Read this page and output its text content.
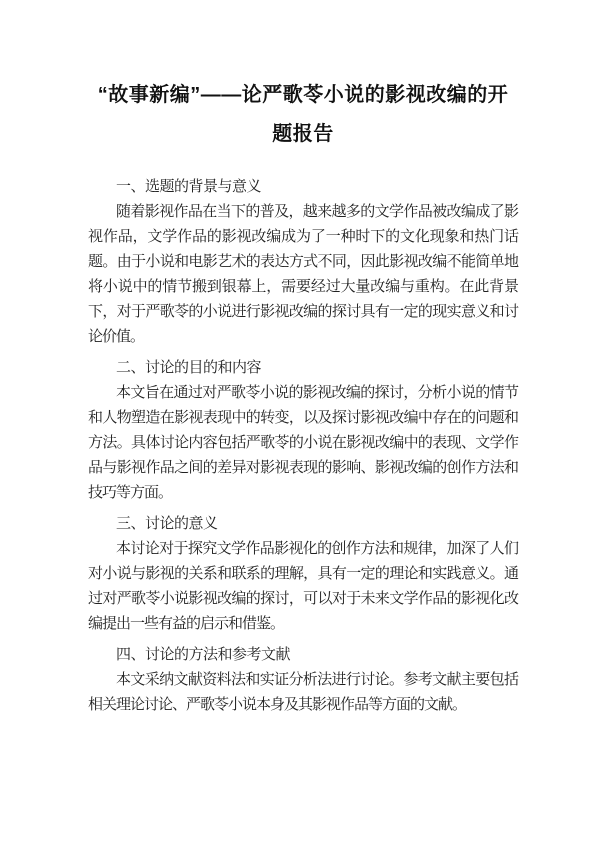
“故事新编”——论严歌苓小说的影视改编的开题报告
一、选题的背景与意义

随着影视作品在当下的普及，越来越多的文学作品被改编成了影视作品，文学作品的影视改编成为了一种时下的文化现象和热门话题。由于小说和电影艺术的表达方式不同，因此影视改编不能简单地将小说中的情节搬到银幕上，需要经过大量改编与重构。在此背景下，对于严歌苓的小说进行影视改编的探讨具有一定的现实意义和讨论价值。

二、讨论的目的和内容

本文旨在通过对严歌苓小说的影视改编的探讨，分析小说的情节和人物塑造在影视表现中的转变，以及探讨影视改编中存在的问题和方法。具体讨论内容包括严歌苓的小说在影视改编中的表现、文学作品与影视作品之间的差异对影视表现的影响、影视改编的创作方法和技巧等方面。

三、讨论的意义

本讨论对于探究文学作品影视化的创作方法和规律，加深了人们对小说与影视的关系和联系的理解，具有一定的理论和实践意义。通过对严歌苓小说影视改编的探讨，可以对于未来文学作品的影视化改编提出一些有益的启示和借鉴。

四、讨论的方法和参考文献

本文采纳文献资料法和实证分析法进行讨论。参考文献主要包括相关理论讨论、严歌苓小说本身及其影视作品等方面的文献。
